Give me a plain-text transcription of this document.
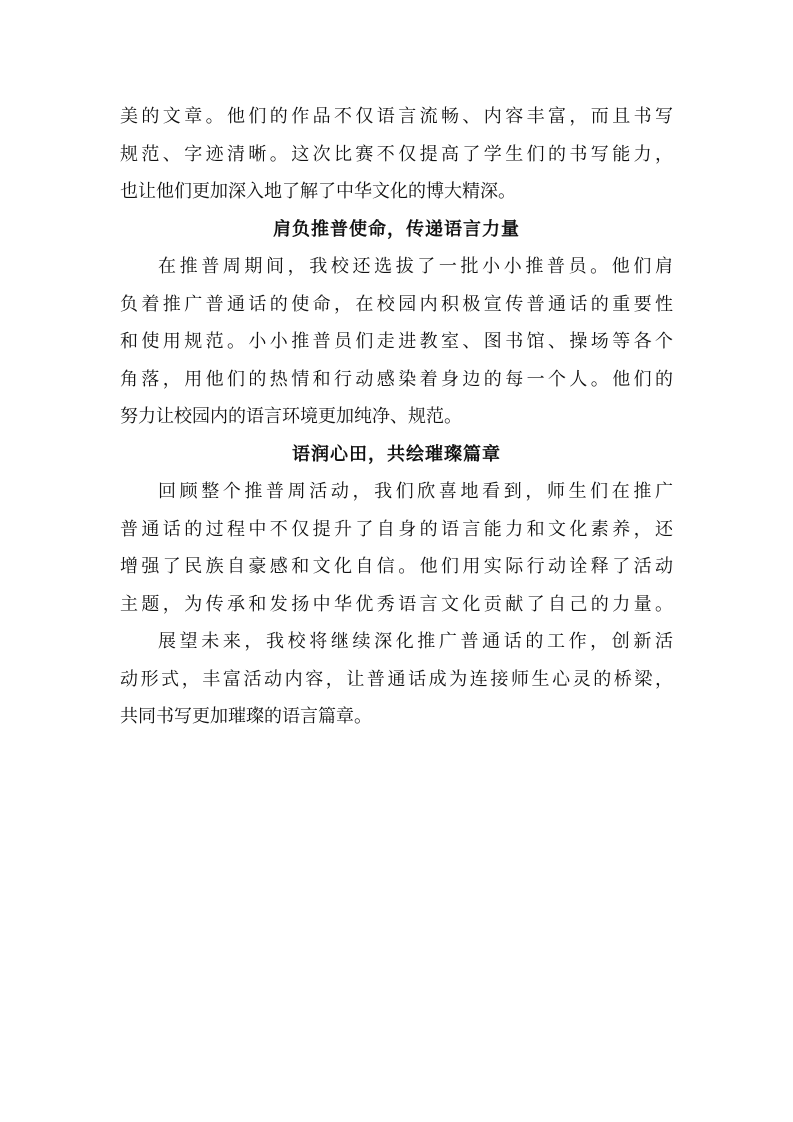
美的文章。他们的作品不仅语言流畅、内容丰富，而且书写
规范、字迹清晰。这次比赛不仅提高了学生们的书写能力，
也让他们更加深入地了解了中华文化的博大精深。
肩负推普使命，传递语言力量
在推普周期间，我校还选拔了一批小小推普员。他们肩
负着推广普通话的使命，在校园内积极宣传普通话的重要性
和使用规范。小小推普员们走进教室、图书馆、操场等各个
角落，用他们的热情和行动感染着身边的每一个人。他们的
努力让校园内的语言环境更加纯净、规范。
语润心田，共绘璀璨篇章
回顾整个推普周活动，我们欣喜地看到，师生们在推广
普通话的过程中不仅提升了自身的语言能力和文化素养，还
增强了民族自豪感和文化自信。他们用实际行动诠释了活动
主题，为传承和发扬中华优秀语言文化贡献了自己的力量。
展望未来，我校将继续深化推广普通话的工作，创新活
动形式，丰富活动内容，让普通话成为连接师生心灵的桥梁，
共同书写更加璀璨的语言篇章。
